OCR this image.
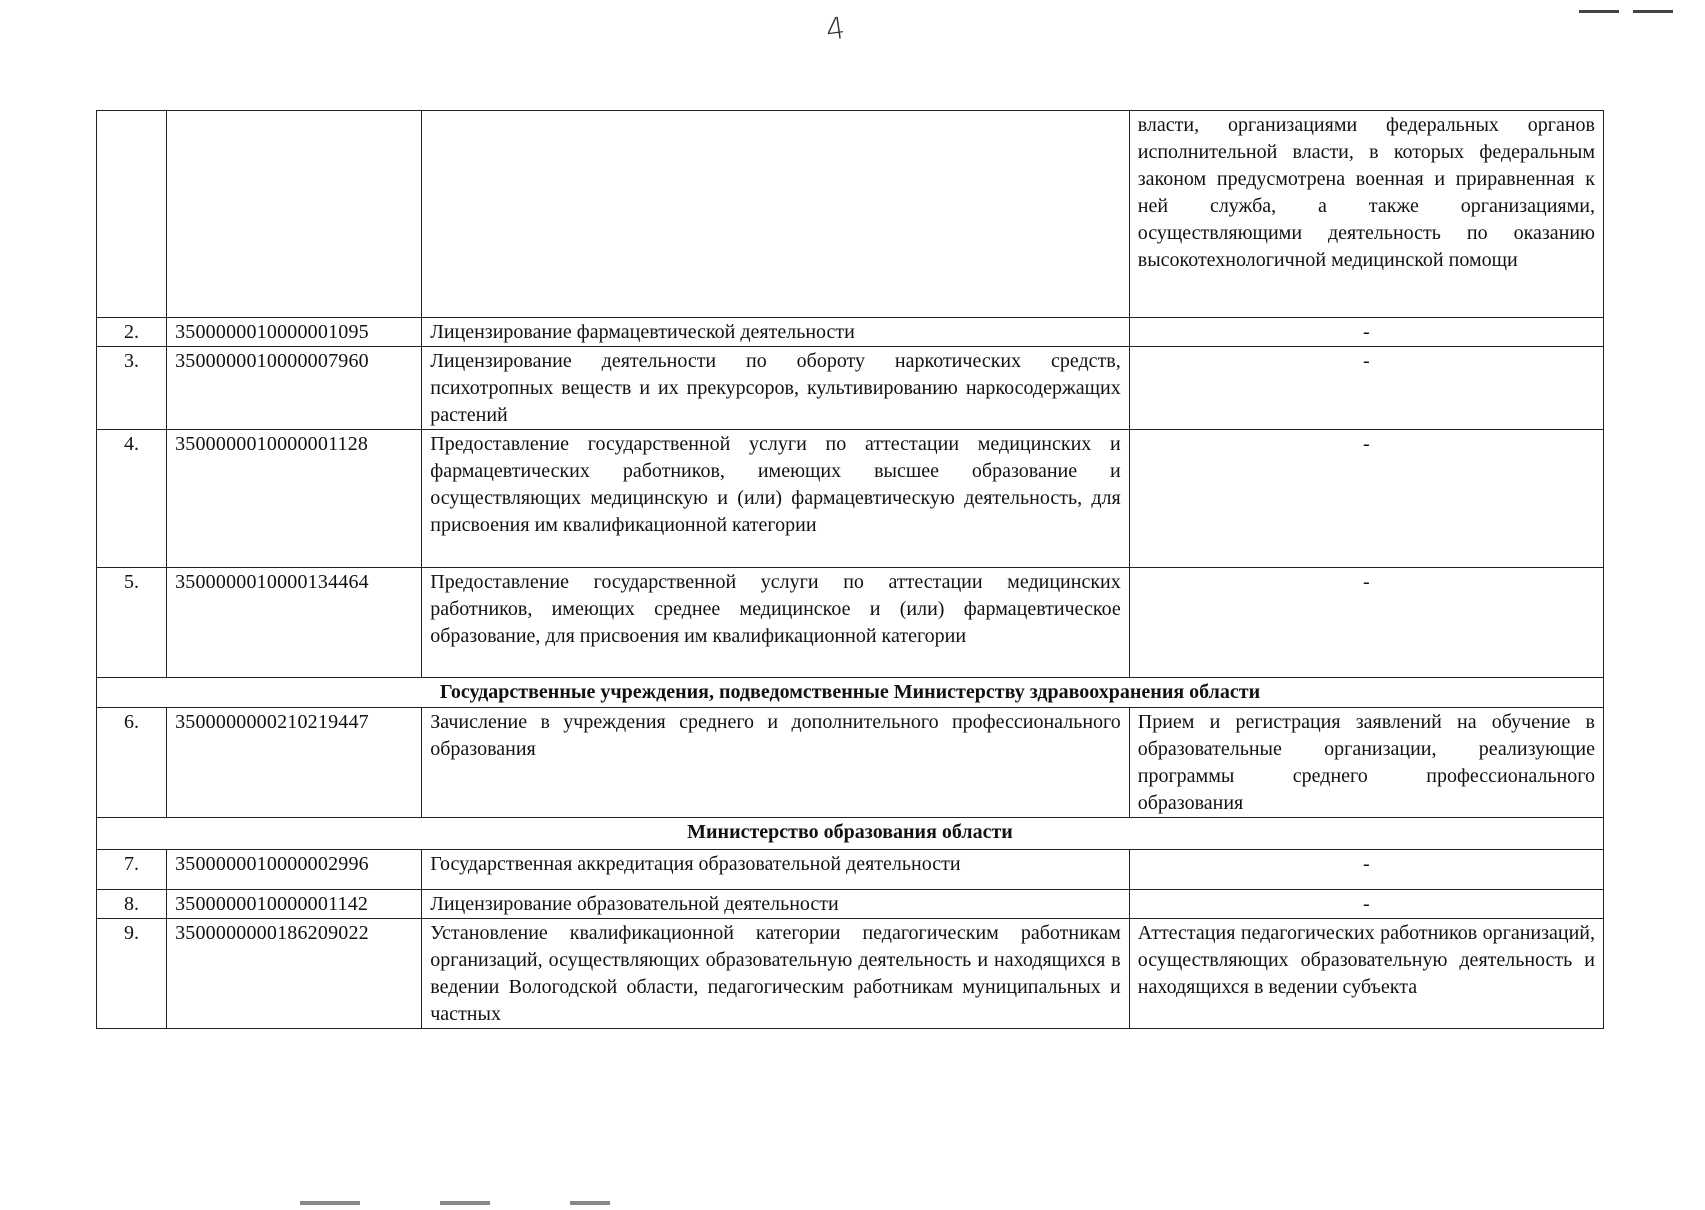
4
			власти, организациями федеральных органов исполнительной власти, в которых федеральным законом предусмотрена военная и приравненная к ней служба, а также организациями, осуществляющими деятельность по оказанию высокотехнологичной медицинской помощи
2.	3500000010000001095	Лицензирование фармацевтической деятельности	-
3.	3500000010000007960	Лицензирование деятельности по обороту наркотических средств, психотропных веществ и их прекурсоров, культивированию наркосодержащих растений	-
4.	3500000010000001128	Предоставление государственной услуги по аттестации медицинских и фармацевтических работников, имеющих высшее образование и осуществляющих медицинскую и (или) фармацевтическую деятельность, для присвоения им квалификационной категории	-
5.	3500000010000134464	Предоставление государственной услуги по аттестации медицинских работников, имеющих среднее медицинское и (или) фармацевтическое образование, для присвоения им квалификационной категории	-
Государственные учреждения, подведомственные Министерству здравоохранения области			
6.	3500000000210219447	Зачисление в учреждения среднего и дополнительного профессионального образования	Прием и регистрация заявлений на обучение в образовательные организации, реализующие программы среднего профессионального образования
Министерство образования области			
7.	3500000010000002996	Государственная аккредитация образовательной деятельности	-
8.	3500000010000001142	Лицензирование образовательной деятельности	-
9.	3500000000186209022	Установление квалификационной категории педагогическим работникам организаций, осуществляющих образовательную деятельность и находящихся в ведении Вологодской области, педагогическим работникам муниципальных и частных	Аттестация педагогических работников организаций, осуществляющих образовательную деятельность и находящихся в ведении субъекта
